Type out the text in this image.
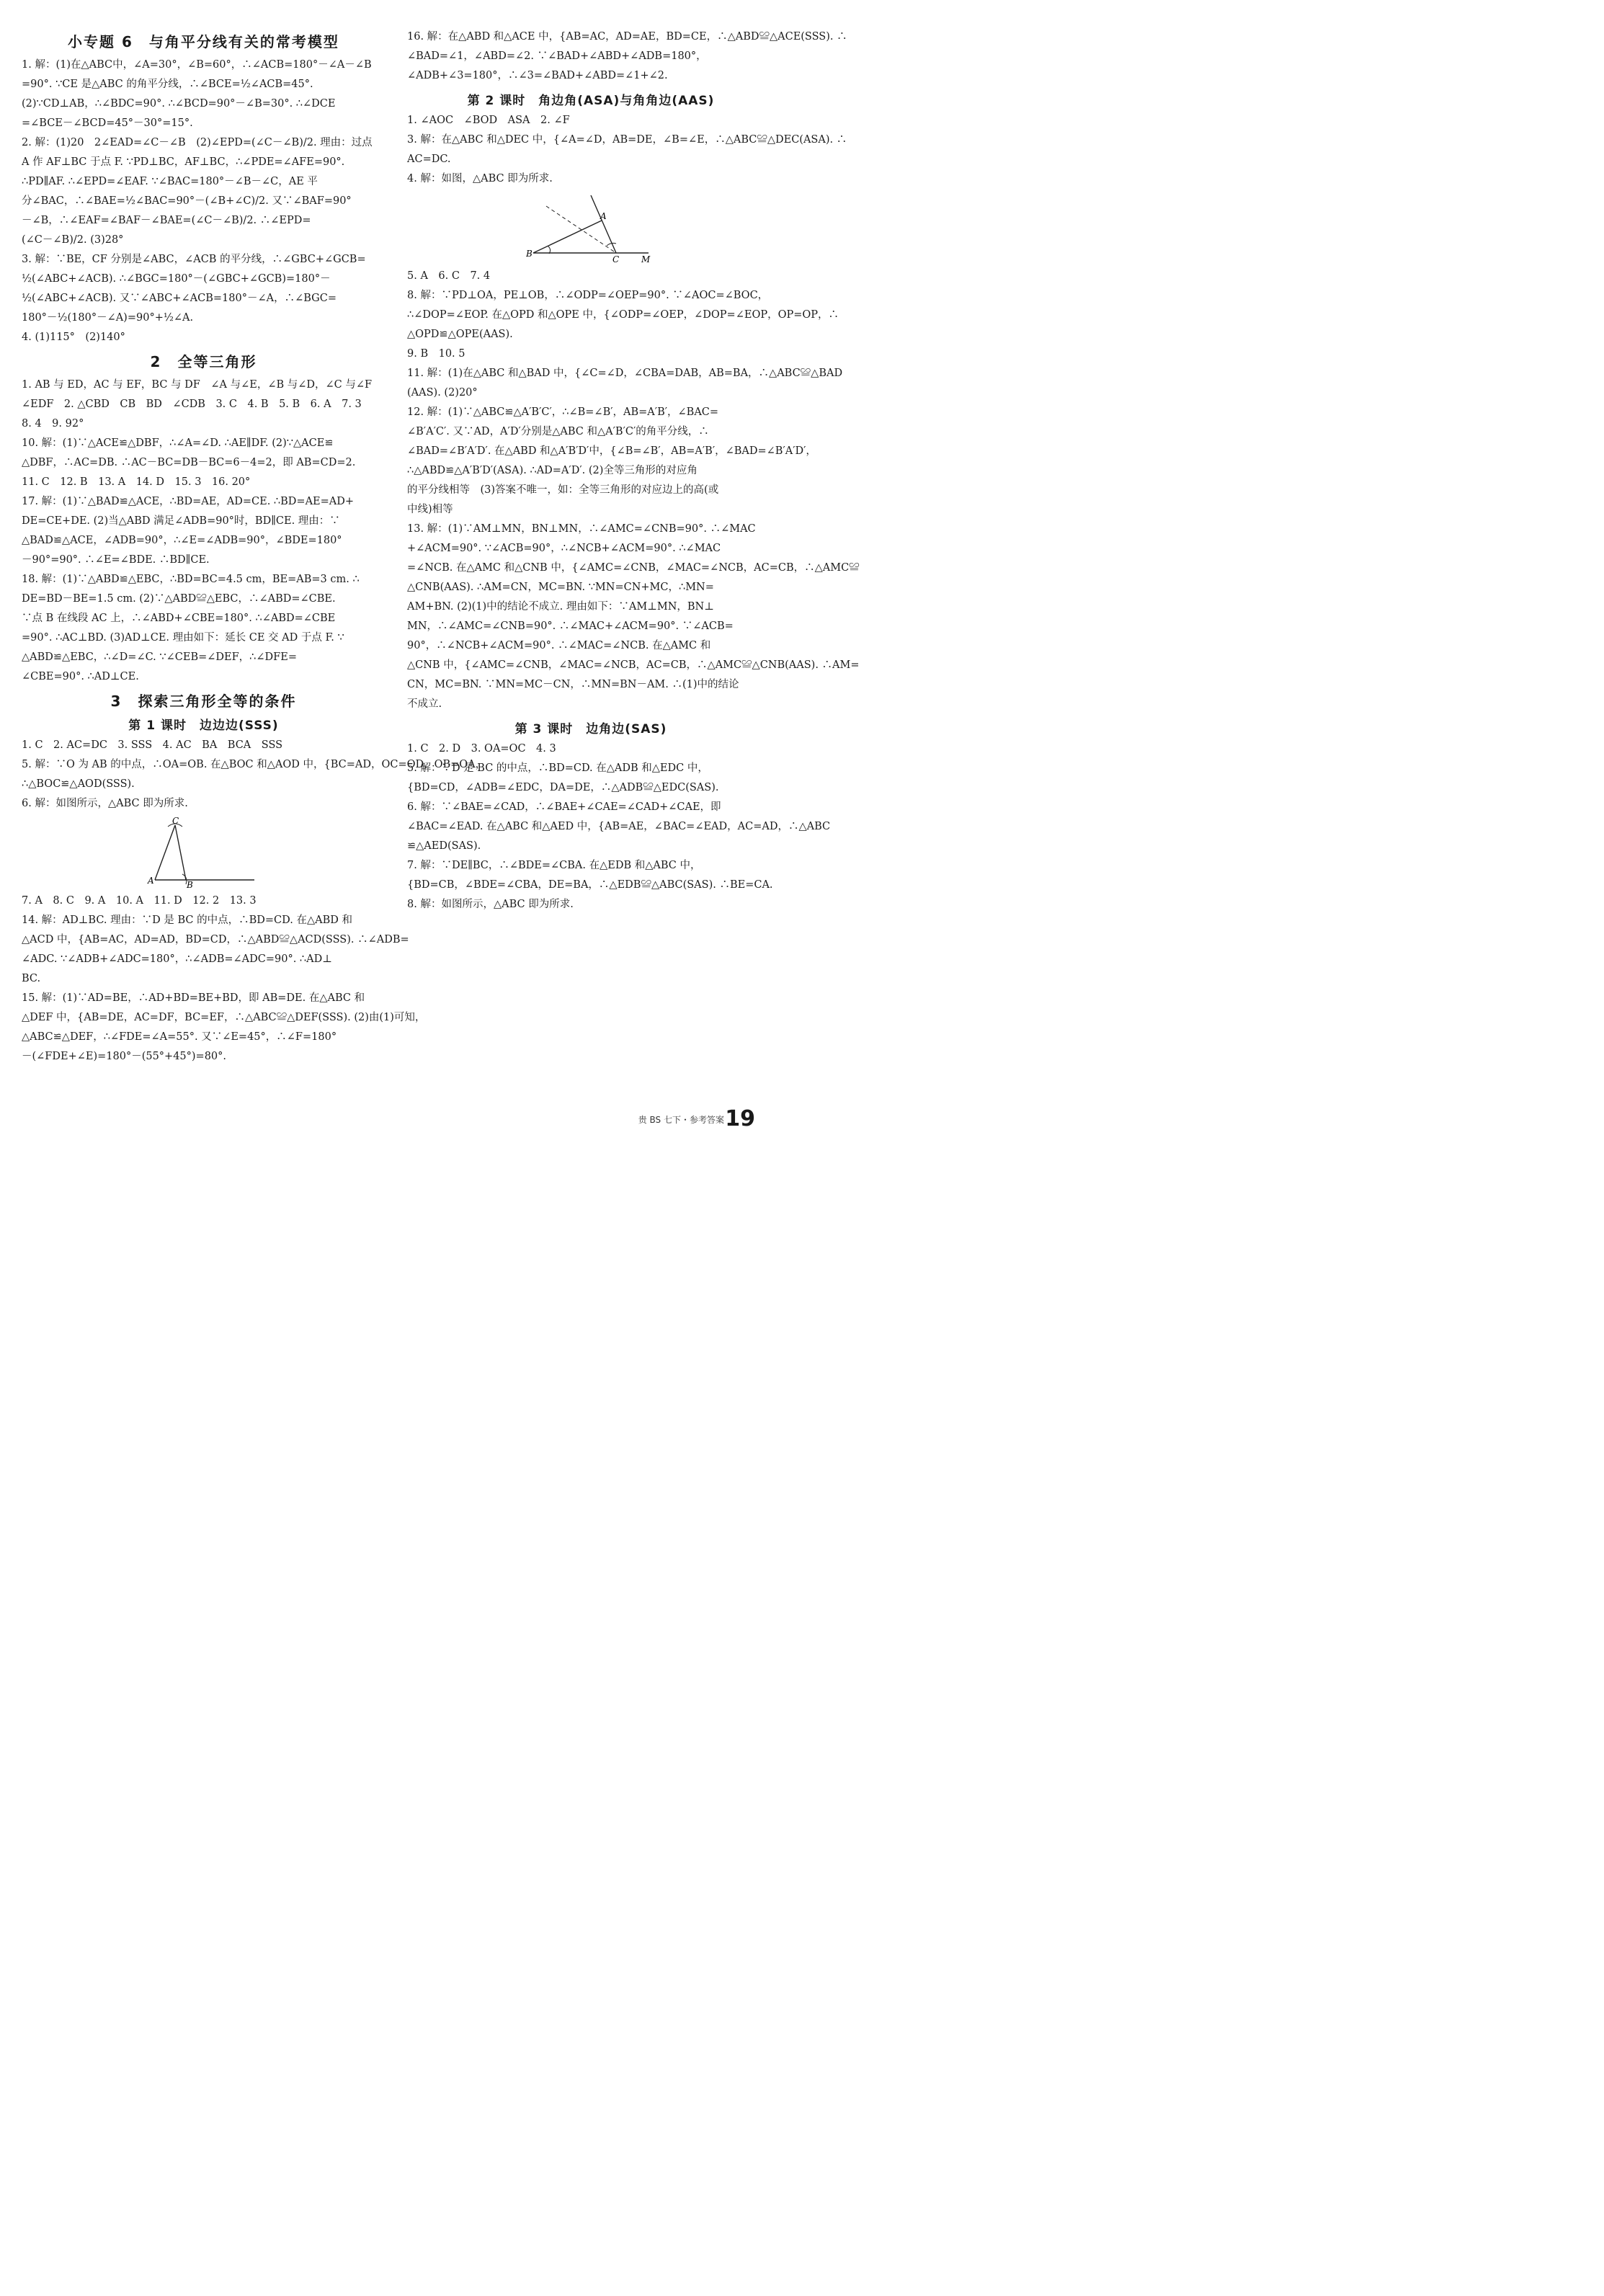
小专题 6　与角平分线有关的常考模型
1. 解：(1)在△ABC中，∠A=30°，∠B=60°，∴∠ACB=180°－∠A－∠B
=90°. ∵CE 是△ABC 的角平分线，∴∠BCE=½∠ACB=45°.
(2)∵CD⊥AB，∴∠BDC=90°. ∴∠BCD=90°－∠B=30°. ∴∠DCE
=∠BCE－∠BCD=45°－30°=15°.
2. 解：(1)20　2∠EAD=∠C－∠B　(2)∠EPD=(∠C－∠B)/2. 理由：过点
A 作 AF⊥BC 于点 F. ∵PD⊥BC，AF⊥BC，∴∠PDE=∠AFE=90°.
∴PD∥AF. ∴∠EPD=∠EAF. ∵∠BAC=180°－∠B－∠C，AE 平
分∠BAC，∴∠BAE=½∠BAC=90°－(∠B+∠C)/2. 又∵∠BAF=90°
－∠B，∴∠EAF=∠BAF－∠BAE=(∠C－∠B)/2. ∴∠EPD=
(∠C－∠B)/2. (3)28°
3. 解：∵BE，CF 分别是∠ABC，∠ACB 的平分线，∴∠GBC+∠GCB=
½(∠ABC+∠ACB). ∴∠BGC=180°－(∠GBC+∠GCB)=180°－
½(∠ABC+∠ACB). 又∵∠ABC+∠ACB=180°－∠A，∴∠BGC=
180°－½(180°－∠A)=90°+½∠A.
4. (1)115°　(2)140°
2　全等三角形
1. AB 与 ED，AC 与 EF，BC 与 DF　∠A 与∠E，∠B 与∠D，∠C 与∠F
∠EDF　2. △CBD　CB　BD　∠CDB　3. C　4. B　5. B　6. A　7. 3
8. 4　9. 92°
10. 解：(1)∵△ACE≌△DBF，∴∠A=∠D. ∴AE∥DF. (2)∵△ACE≌
△DBF，∴AC=DB. ∴AC－BC=DB－BC=6－4=2，即 AB=CD=2.
11. C　12. B　13. A　14. D　15. 3　16. 20°
17. 解：(1)∵△BAD≌△ACE，∴BD=AE，AD=CE. ∴BD=AE=AD+
DE=CE+DE. (2)当△ABD 满足∠ADB=90°时，BD∥CE. 理由：∵
△BAD≌△ACE，∠ADB=90°，∴∠E=∠ADB=90°，∠BDE=180°
－90°=90°. ∴∠E=∠BDE. ∴BD∥CE.
18. 解：(1)∵△ABD≌△EBC，∴BD=BC=4.5 cm，BE=AB=3 cm. ∴
DE=BD－BE=1.5 cm. (2)∵△ABD≌△EBC，∴∠ABD=∠CBE.
∵点 B 在线段 AC 上，∴∠ABD+∠CBE=180°. ∴∠ABD=∠CBE
=90°. ∴AC⊥BD. (3)AD⊥CE. 理由如下：延长 CE 交 AD 于点 F. ∵
△ABD≌△EBC，∴∠D=∠C. ∵∠CEB=∠DEF，∴∠DFE=
∠CBE=90°. ∴AD⊥CE.
3　探索三角形全等的条件
第 1 课时　边边边(SSS)
1. C　2. AC=DC　3. SSS　4. AC　BA　BCA　SSS
5. 解：∵O 为 AB 的中点，∴OA=OB. 在△BOC 和△AOD 中，{BC=AD，OC=OD，OB=OA，
∴△BOC≌△AOD(SSS).
6. 解：如图所示，△ABC 即为所求.
C
A	B
7. A　8. C　9. A　10. A　11. D　12. 2　13. 3
14. 解：AD⊥BC. 理由：∵D 是 BC 的中点，∴BD=CD. 在△ABD 和
△ACD 中，{AB=AC，AD=AD，BD=CD，∴△ABD≌△ACD(SSS). ∴∠ADB=
∠ADC. ∵∠ADB+∠ADC=180°，∴∠ADB=∠ADC=90°. ∴AD⊥
BC.
15. 解：(1)∵AD=BE，∴AD+BD=BE+BD，即 AB=DE. 在△ABC 和
△DEF 中，{AB=DE，AC=DF，BC=EF，∴△ABC≌△DEF(SSS). (2)由(1)可知，
△ABC≌△DEF，∴∠FDE=∠A=55°. 又∵∠E=45°，∴∠F=180°
－(∠FDE+∠E)=180°－(55°+45°)=80°.
16. 解：在△ABD 和△ACE 中，{AB=AC，AD=AE，BD=CE，∴△ABD≌△ACE(SSS). ∴
∠BAD=∠1，∠ABD=∠2. ∵∠BAD+∠ABD+∠ADB=180°，
∠ADB+∠3=180°，∴∠3=∠BAD+∠ABD=∠1+∠2.
第 2 课时　角边角(ASA)与角角边(AAS)
1. ∠AOC　∠BOD　ASA　2. ∠F
3. 解：在△ABC 和△DEC 中，{∠A=∠D，AB=DE，∠B=∠E，∴△ABC≌△DEC(ASA). ∴
AC=DC.
4. 解：如图，△ABC 即为所求.
A
B
C	M
5. A　6. C　7. 4
8. 解：∵PD⊥OA，PE⊥OB，∴∠ODP=∠OEP=90°. ∵∠AOC=∠BOC，
∴∠DOP=∠EOP. 在△OPD 和△OPE 中，{∠ODP=∠OEP，∠DOP=∠EOP，OP=OP，∴
△OPD≌△OPE(AAS).
9. B　10. 5
11. 解：(1)在△ABC 和△BAD 中，{∠C=∠D，∠CBA=DAB，AB=BA，∴△ABC≌△BAD
(AAS). (2)20°
12. 解：(1)∵△ABC≌△A′B′C′，∴∠B=∠B′，AB=A′B′，∠BAC=
∠B′A′C′. 又∵AD，A′D′分别是△ABC 和△A′B′C′的角平分线，∴
∠BAD=∠B′A′D′. 在△ABD 和△A′B′D′中，{∠B=∠B′，AB=A′B′，∠BAD=∠B′A′D′，
∴△ABD≌△A′B′D′(ASA). ∴AD=A′D′. (2)全等三角形的对应角
的平分线相等　(3)答案不唯一，如：全等三角形的对应边上的高(或
中线)相等
13. 解：(1)∵AM⊥MN，BN⊥MN，∴∠AMC=∠CNB=90°. ∴∠MAC
+∠ACM=90°. ∵∠ACB=90°，∴∠NCB+∠ACM=90°. ∴∠MAC
=∠NCB. 在△AMC 和△CNB 中，{∠AMC=∠CNB，∠MAC=∠NCB，AC=CB，∴△AMC≌
△CNB(AAS). ∴AM=CN，MC=BN. ∵MN=CN+MC，∴MN=
AM+BN. (2)(1)中的结论不成立. 理由如下：∵AM⊥MN，BN⊥
MN，∴∠AMC=∠CNB=90°. ∴∠MAC+∠ACM=90°. ∵∠ACB=
90°，∴∠NCB+∠ACM=90°. ∴∠MAC=∠NCB. 在△AMC 和
△CNB 中，{∠AMC=∠CNB，∠MAC=∠NCB，AC=CB，∴△AMC≌△CNB(AAS). ∴AM=
CN，MC=BN. ∵MN=MC－CN，∴MN=BN－AM. ∴(1)中的结论
不成立.
第 3 课时　边角边(SAS)
1. C　2. D　3. OA=OC　4. 3
5. 解：∵D 是 BC 的中点，∴BD=CD. 在△ADB 和△EDC 中，
{BD=CD，∠ADB=∠EDC，DA=DE，∴△ADB≌△EDC(SAS).
6. 解：∵∠BAE=∠CAD，∴∠BAE+∠CAE=∠CAD+∠CAE，即
∠BAC=∠EAD. 在△ABC 和△AED 中，{AB=AE，∠BAC=∠EAD，AC=AD，∴△ABC
≌△AED(SAS).
7. 解：∵DE∥BC，∴∠BDE=∠CBA. 在△EDB 和△ABC 中，
{BD=CB，∠BDE=∠CBA，DE=BA，∴△EDB≌△ABC(SAS). ∴BE=CA.
8. 解：如图所示，△ABC 即为所求.
贵 BS 七下・参考答案 19
